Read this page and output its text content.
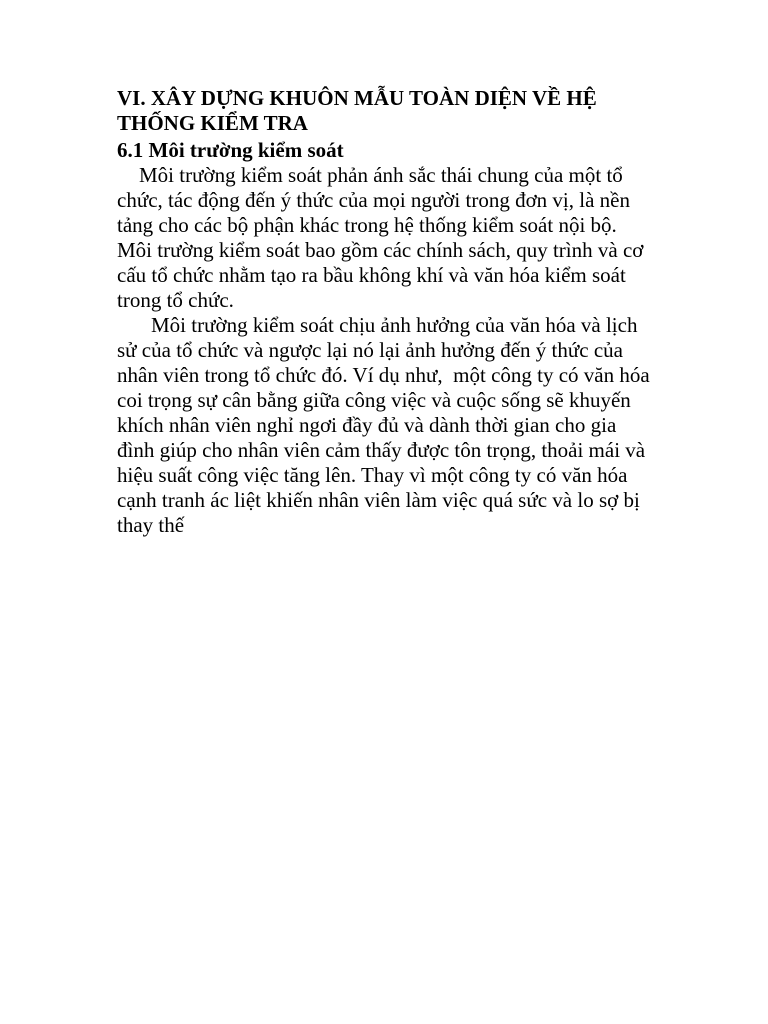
VI. XÂY DỰNG KHUÔN MẪU TOÀN DIỆN VỀ HỆ THỐNG KIỂM TRA
6.1 Môi trường kiểm soát

Môi trường kiểm soát phản ánh sắc thái chung của một tổ chức, tác động đến ý thức của mọi người trong đơn vị, là nền tảng cho các bộ phận khác trong hệ thống kiểm soát nội bộ. Môi trường kiểm soát bao gồm các chính sách, quy trình và cơ cấu tổ chức nhằm tạo ra bầu không khí và văn hóa kiểm soát trong tổ chức.

Môi trường kiểm soát chịu ảnh hưởng của văn hóa và lịch sử của tổ chức và ngược lại nó lại ảnh hưởng đến ý thức của nhân viên trong tổ chức đó. Ví dụ như,  một công ty có văn hóa coi trọng sự cân bằng giữa công việc và cuộc sống sẽ khuyến khích nhân viên nghỉ ngơi đầy đủ và dành thời gian cho gia đình giúp cho nhân viên cảm thấy được tôn trọng, thoải mái và hiệu suất công việc tăng lên. Thay vì một công ty có văn hóa cạnh tranh ác liệt khiến nhân viên làm việc quá sức và lo sợ bị thay thế
